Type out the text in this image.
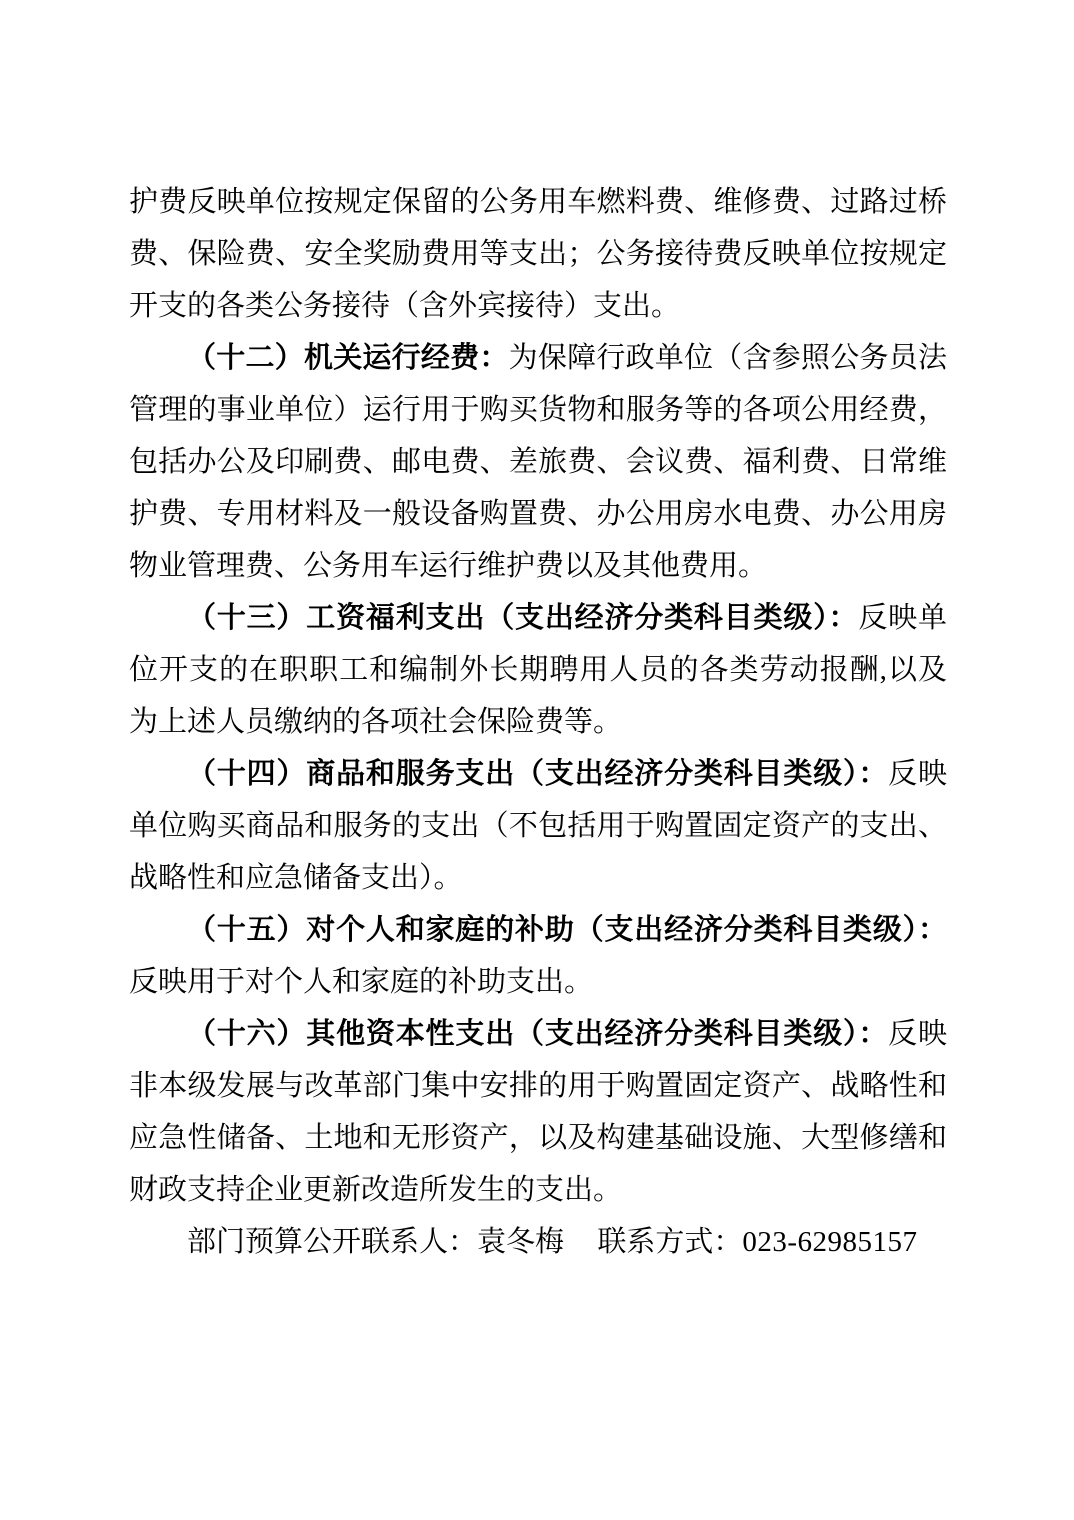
护费反映单位按规定保留的公务用车燃料费、维修费、过路过桥费、保险费、安全奖励费用等支出；公务接待费反映单位按规定开支的各类公务接待（含外宾接待）支出。

（十二）机关运行经费：为保障行政单位（含参照公务员法管理的事业单位）运行用于购买货物和服务等的各项公用经费，包括办公及印刷费、邮电费、差旅费、会议费、福利费、日常维护费、专用材料及一般设备购置费、办公用房水电费、办公用房物业管理费、公务用车运行维护费以及其他费用。

（十三）工资福利支出（支出经济分类科目类级）：反映单位开支的在职职工和编制外长期聘用人员的各类劳动报酬,以及为上述人员缴纳的各项社会保险费等。

（十四）商品和服务支出（支出经济分类科目类级）：反映单位购买商品和服务的支出（不包括用于购置固定资产的支出、战略性和应急储备支出）。

（十五）对个人和家庭的补助（支出经济分类科目类级）：反映用于对个人和家庭的补助支出。

（十六）其他资本性支出（支出经济分类科目类级）：反映非本级发展与改革部门集中安排的用于购置固定资产、战略性和应急性储备、土地和无形资产，以及构建基础设施、大型修缮和财政支持企业更新改造所发生的支出。

部门预算公开联系人：袁冬梅 联系方式：023-62985157
